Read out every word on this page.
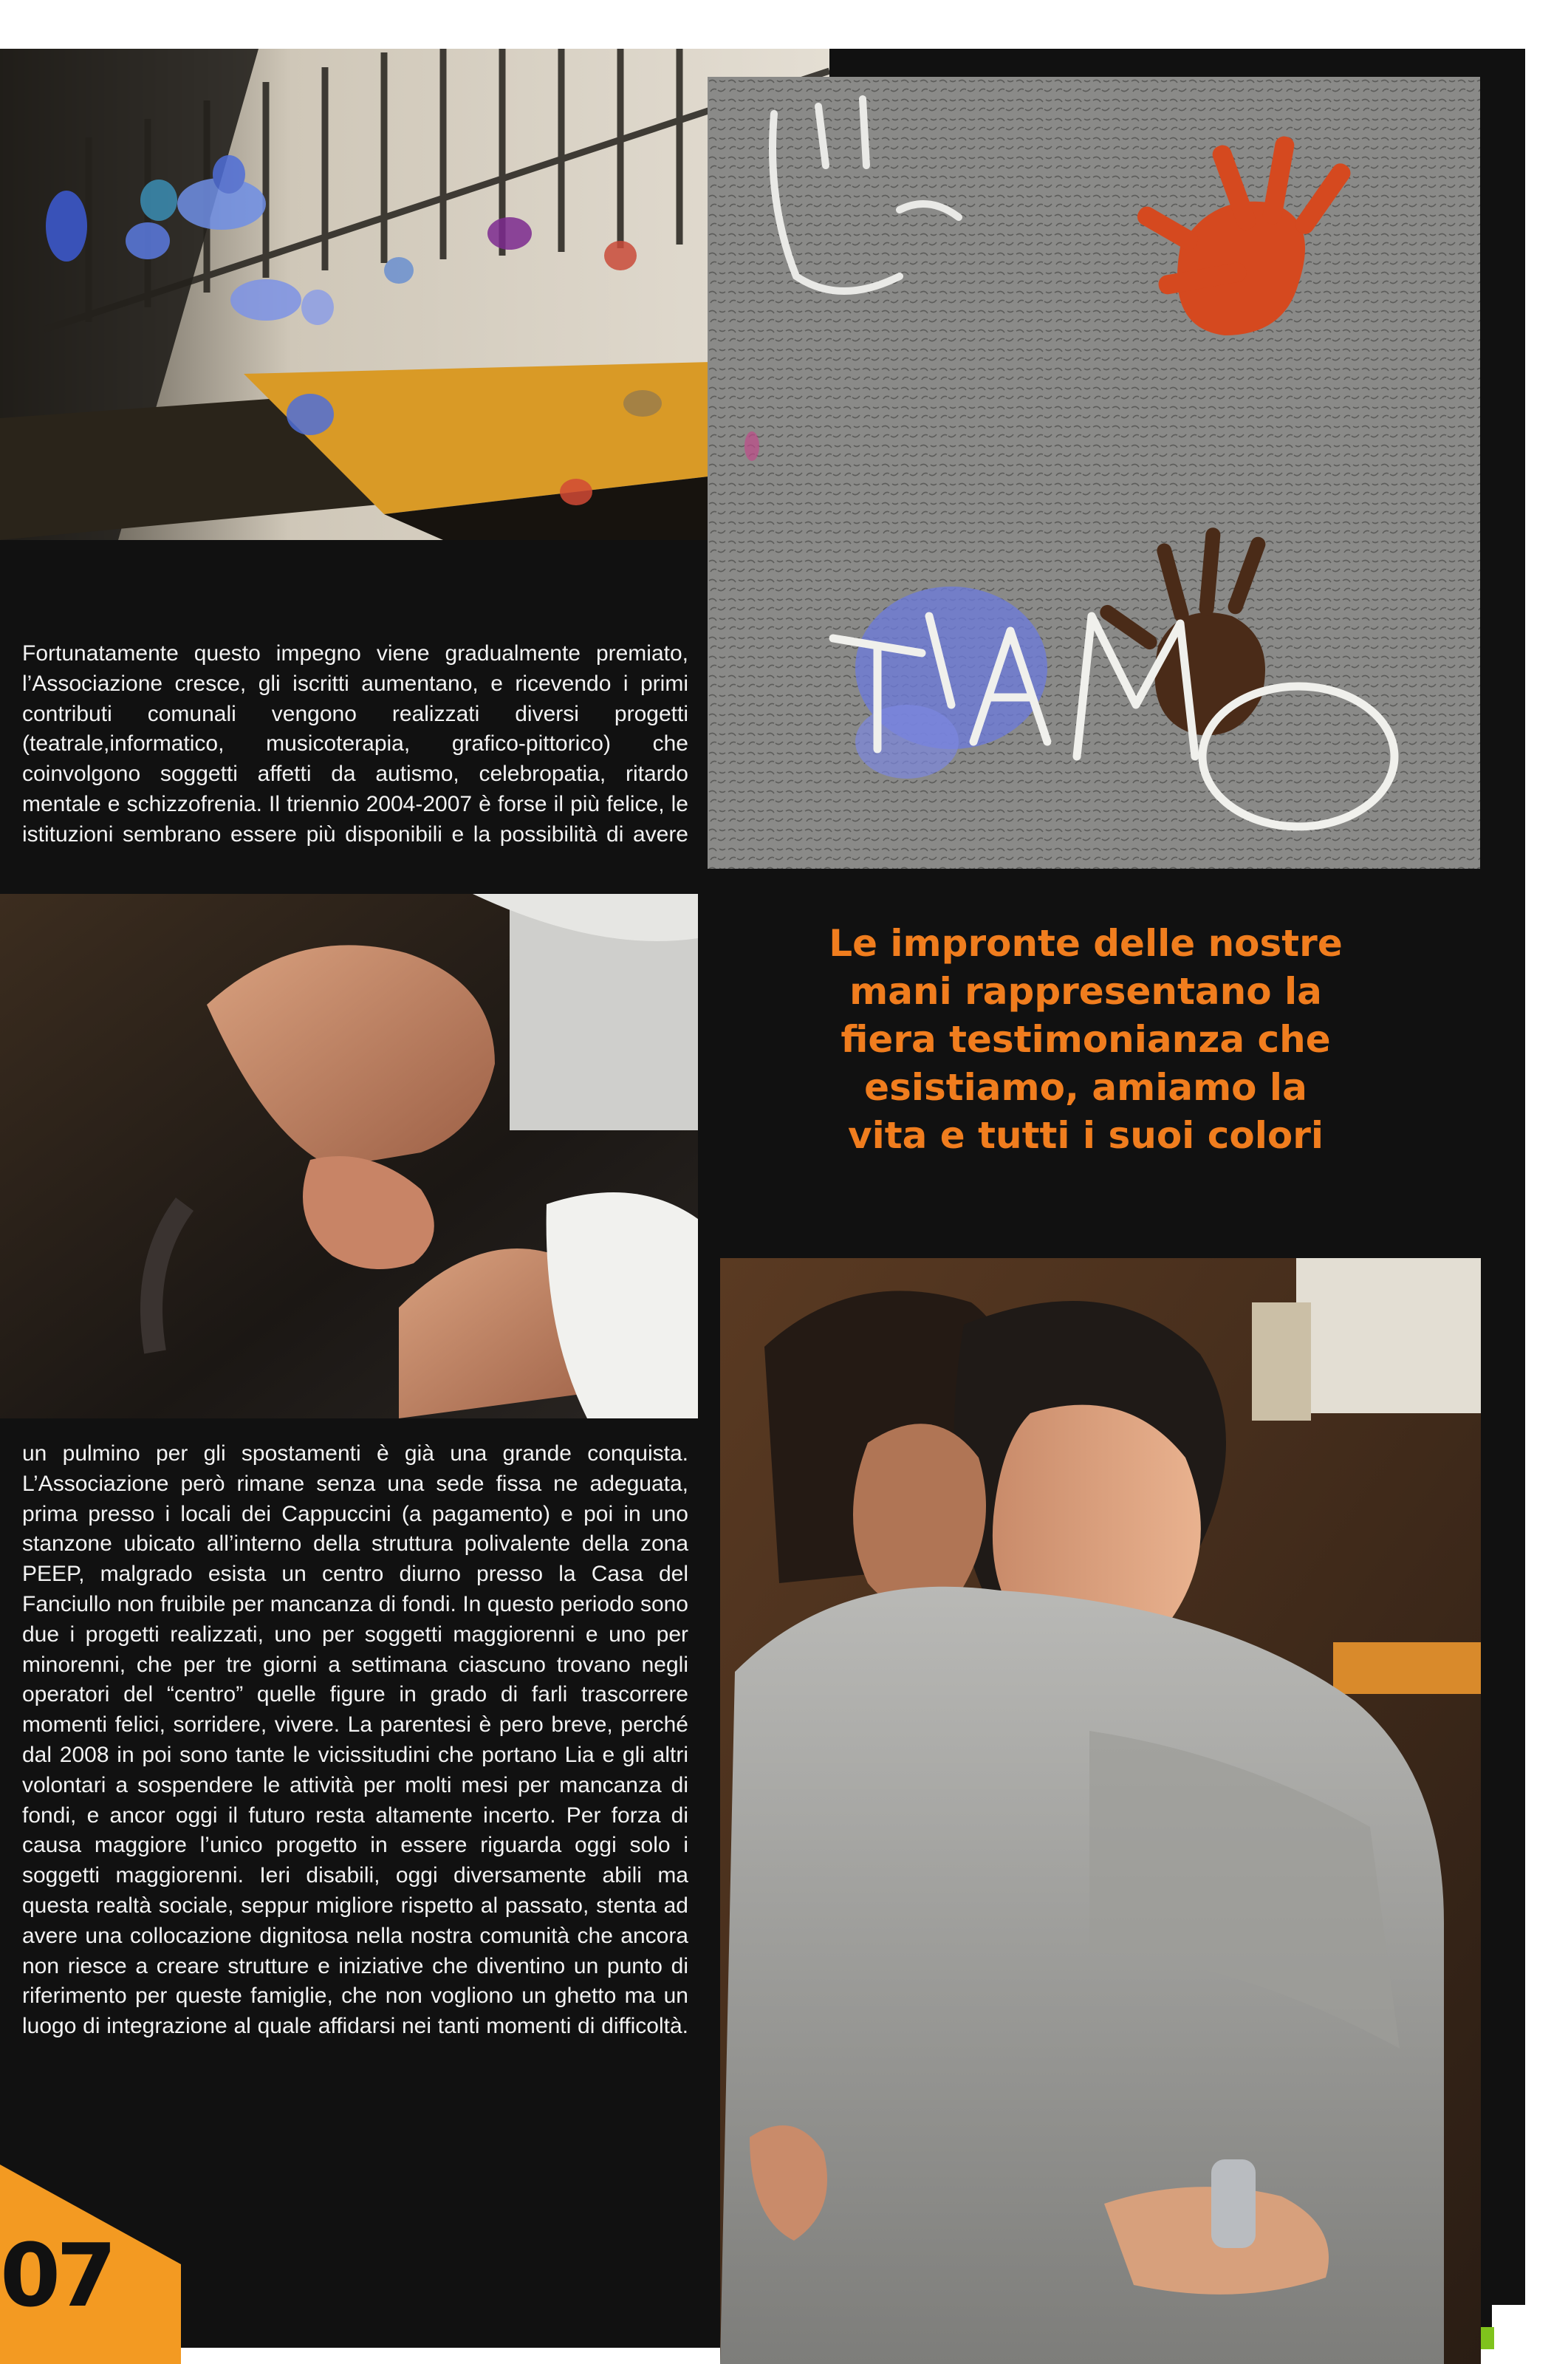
Fortunatamente questo impegno viene gradualmente premiato, l’Associazione cresce, gli iscritti aumentano, e ricevendo i primi contributi comunali vengono realizzati diversi progetti (teatrale,informatico, musicoterapia, grafico-pittorico) che coinvolgono soggetti affetti da autismo, celebropatia, ritardo mentale e schizzofrenia. Il triennio 2004-2007 è forse il più felice, le istituzioni sembrano essere più disponibili e la possibilità di avere

Le impronte delle nostre
mani rappresentano la
fiera testimonianza che
esistiamo, amiamo la
vita e tutti i suoi colori

un pulmino per gli spostamenti è già una grande conquista. L’Associazione però rimane senza una sede fissa ne adeguata, prima presso i locali dei Cappuccini (a pagamento) e poi in uno stanzone ubicato all’interno della struttura polivalente della zona PEEP, malgrado esista un centro diurno presso la Casa del Fanciullo non fruibile per mancanza di fondi. In questo periodo sono due i progetti realizzati, uno per soggetti maggiorenni e uno per minorenni, che per tre giorni a settimana ciascuno trovano negli operatori del “centro” quelle figure in grado di farli trascorrere momenti felici, sorridere, vivere. La parentesi è pero breve, perché dal 2008 in poi sono tante le vicissitudini che portano Lia e gli altri volontari a sospendere le attività per molti mesi per mancanza di fondi, e ancor oggi il futuro resta altamente incerto. Per forza di causa maggiore l’unico progetto in essere riguarda oggi solo i soggetti maggiorenni. Ieri disabili, oggi diversamente abili ma questa realtà sociale, seppur migliore rispetto al passato, stenta ad avere una collocazione dignitosa nella nostra comunità che ancora non riesce a creare strutture e iniziative che diventino un punto di riferimento per queste famiglie, che non vogliono un ghetto ma un luogo di integrazione al quale affidarsi nei tanti momenti di difficoltà.

07
